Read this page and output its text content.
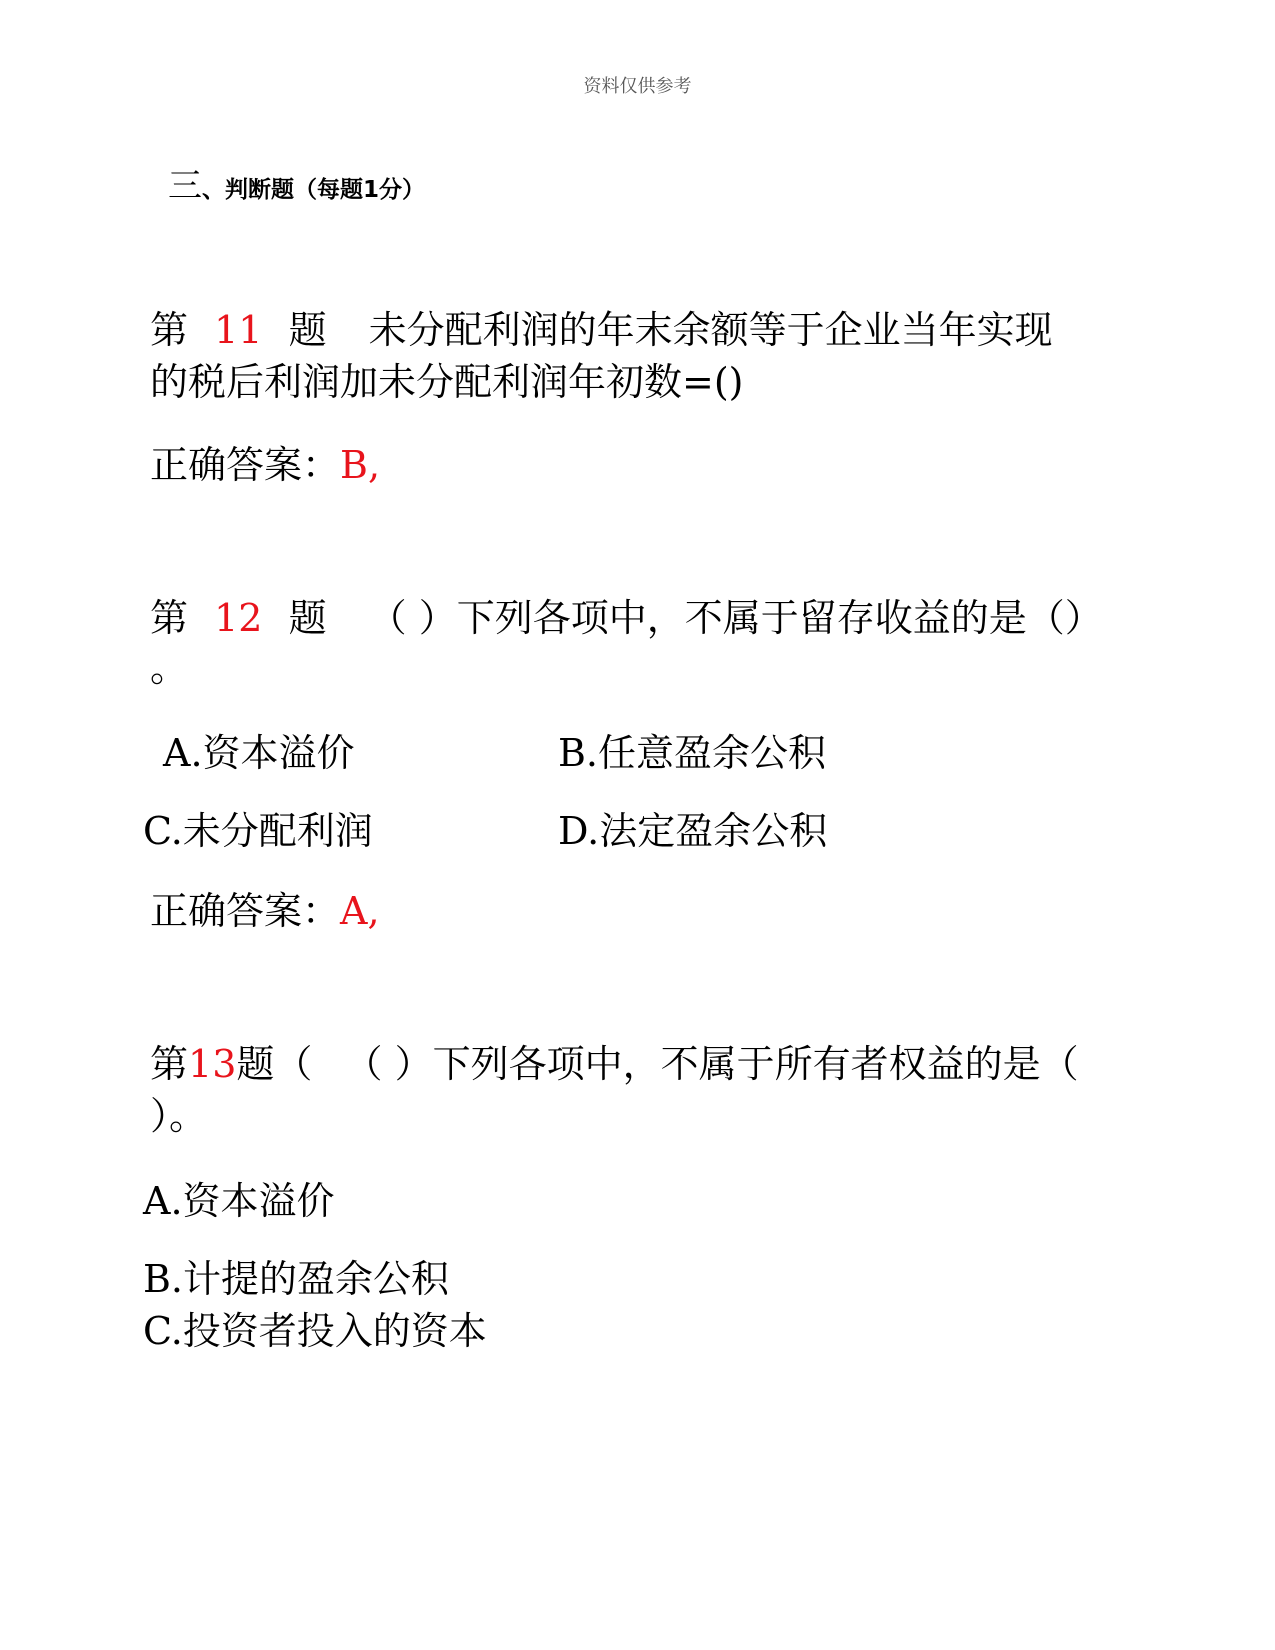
资料仅供参考
三、判断题（每题1分）
第 11 题 未分配利润的年末余额等于企业当年实现
的税后利润加未分配利润年初数=()
正确答案：B,
第 12 题 （ ）下列各项中，不属于留存收益的是（）
。
A.资本溢价	B.任意盈余公积
C.未分配利润	D.法定盈余公积
正确答案：A,
第13题（ （ ）下列各项中，不属于所有者权益的是（
）。
A.资本溢价
B.计提的盈余公积
C.投资者投入的资本
